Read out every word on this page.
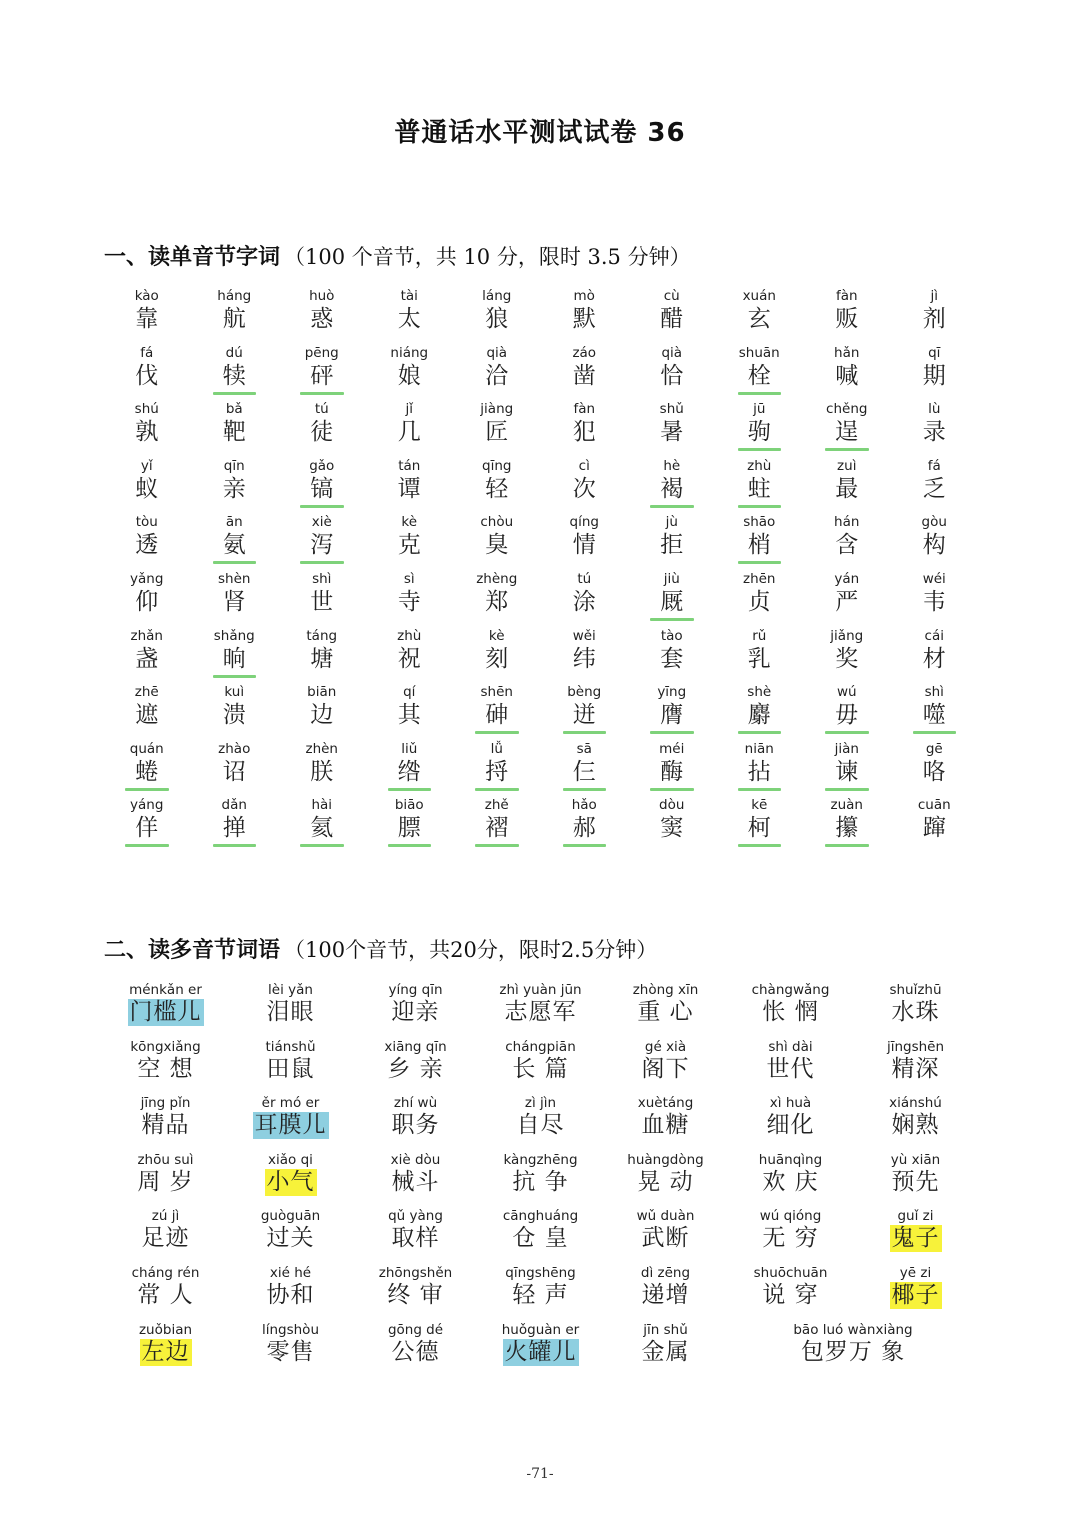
普通话水平测试试卷 36
一、读单音节字词 （100 个音节，共 10 分，限时 3.5 分钟）
kào
靠
háng
航
huò
惑
tài
太
láng
狼
mò
默
cù
醋
xuán
玄
fàn
贩
jì
剂
fá
伐
dú
犊
pēng
砰
niáng
娘
qià
洽
záo
凿
qià
恰
shuān
栓
hǎn
喊
qī
期
shú
孰
bǎ
靶
tú
徒
jǐ
几
jiàng
匠
fàn
犯
shǔ
暑
jū
驹
chěng
逞
lù
录
yǐ
蚁
qīn
亲
gǎo
镐
tán
谭
qīng
轻
cì
次
hè
褐
zhù
蛀
zuì
最
fá
乏
tòu
透
ān
氨
xiè
泻
kè
克
chòu
臭
qíng
情
jù
拒
shāo
梢
hán
含
gòu
构
yǎng
仰
shèn
肾
shì
世
sì
寺
zhèng
郑
tú
涂
jiù
厩
zhēn
贞
yán
严
wéi
韦
zhǎn
盏
shǎng
晌
táng
塘
zhù
祝
kè
刻
wěi
纬
tào
套
rǔ
乳
jiǎng
奖
cái
材
zhē
遮
kuì
溃
biān
边
qí
其
shēn
砷
bèng
迸
yīng
膺
shè
麝
wú
毋
shì
噬
quán
蜷
zhào
诏
zhèn
朕
liǔ
绺
lǚ
捋
sā
仨
méi
酶
niān
拈
jiàn
谏
gē
咯
yáng
佯
dǎn
掸
hài
氦
biāo
膘
zhě
褶
hǎo
郝
dòu
窦
kē
柯
zuàn
攥
cuān
蹿
二、读多音节词语 （100个音节，共20分，限时2.5分钟）
ménkǎn er
门槛儿
lèi yǎn
泪眼
yíng qīn
迎亲
zhì yuàn jūn
志愿军
zhòng xīn
重 心
chàngwǎng
怅 惘
shuǐzhū
水珠
kōngxiǎng
空 想
tiánshǔ
田鼠
xiāng qīn
乡 亲
chángpiān
长 篇
gé xià
阁下
shì dài
世代
jīngshēn
精深
jīng pǐn
精品
ěr mó er
耳膜儿
zhí wù
职务
zì jìn
自尽
xuètáng
血糖
xì huà
细化
xiánshú
娴熟
zhōu suì
周 岁
xiǎo qi
小气
xiè dòu
械斗
kàngzhēng
抗 争
huàngdòng
晃 动
huānqìng
欢 庆
yù xiān
预先
zú jì
足迹
guòguān
过关
qǔ yàng
取样
cānghuáng
仓 皇
wǔ duàn
武断
wú qióng
无 穷
guǐ zi
鬼子
cháng rén
常 人
xié hé
协和
zhōngshěn
终 审
qīngshēng
轻 声
dì zēng
递增
shuōchuān
说 穿
yē zi
椰子
zuǒbian
左边
língshòu
零售
gōng dé
公德
huǒguàn er
火罐儿
jīn shǔ
金属
bāo luó wànxiàng
包罗万 象
-71-
